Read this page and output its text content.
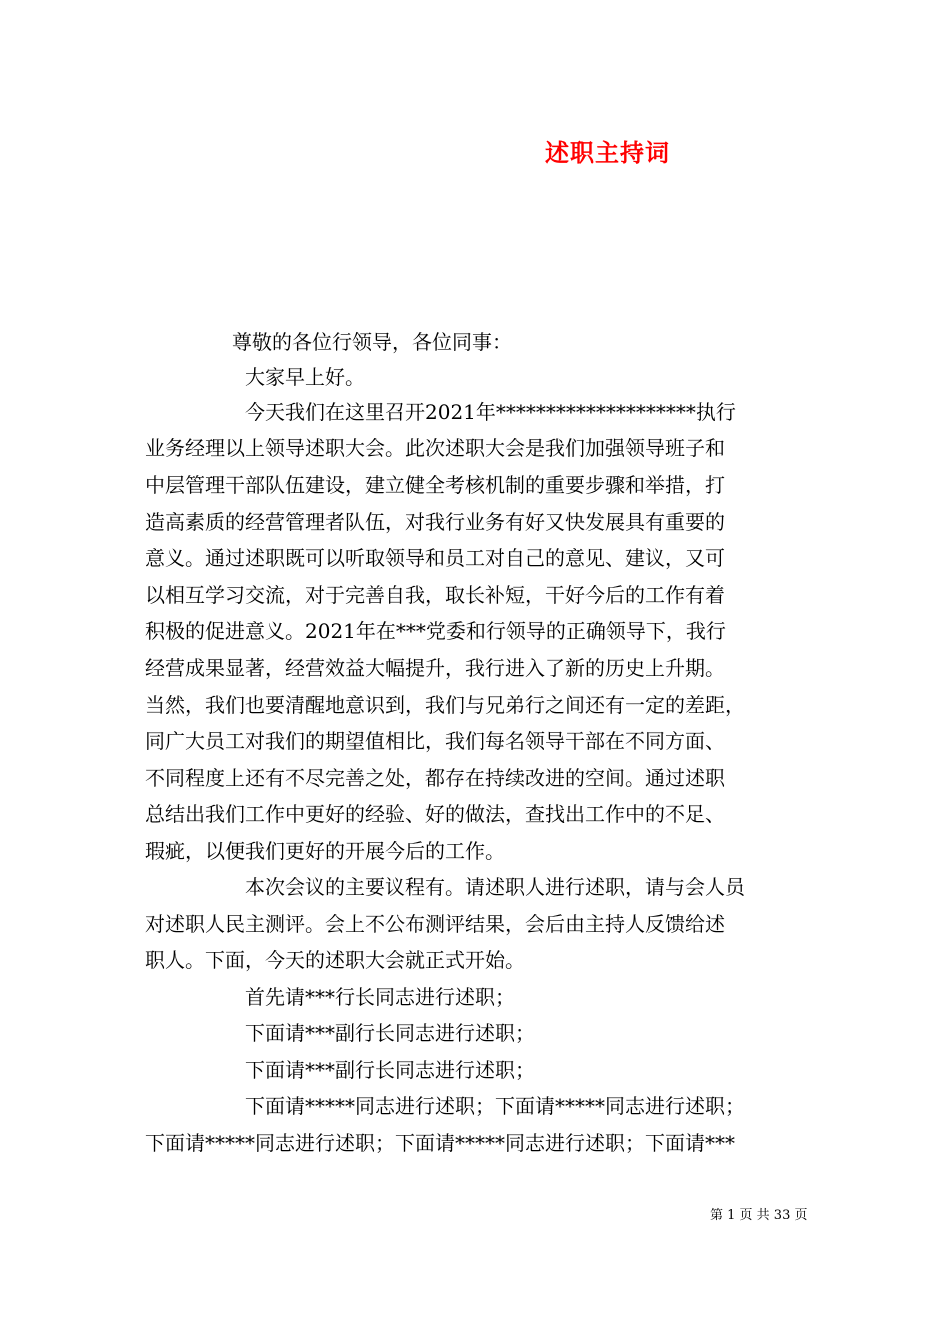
述职主持词
尊敬的各位行领导，各位同事：
大家早上好。
今天我们在这里召开2021年********************执行
业务经理以上领导述职大会。此次述职大会是我们加强领导班子和
中层管理干部队伍建设，建立健全考核机制的重要步骤和举措，打
造高素质的经营管理者队伍，对我行业务有好又快发展具有重要的
意义。通过述职既可以听取领导和员工对自己的意见、建议，又可
以相互学习交流，对于完善自我，取长补短，干好今后的工作有着
积极的促进意义。2021年在***党委和行领导的正确领导下，我行
经营成果显著，经营效益大幅提升，我行进入了新的历史上升期。
当然，我们也要清醒地意识到，我们与兄弟行之间还有一定的差距，
同广大员工对我们的期望值相比，我们每名领导干部在不同方面、
不同程度上还有不尽完善之处，都存在持续改进的空间。通过述职
总结出我们工作中更好的经验、好的做法，查找出工作中的不足、
瑕疵，以便我们更好的开展今后的工作。
本次会议的主要议程有。请述职人进行述职，请与会人员
对述职人民主测评。会上不公布测评结果，会后由主持人反馈给述
职人。下面，今天的述职大会就正式开始。
首先请***行长同志进行述职；
下面请***副行长同志进行述职；
下面请***副行长同志进行述职；
下面请*****同志进行述职；下面请*****同志进行述职；
下面请*****同志进行述职；下面请*****同志进行述职；下面请***
第 1 页 共 33 页
